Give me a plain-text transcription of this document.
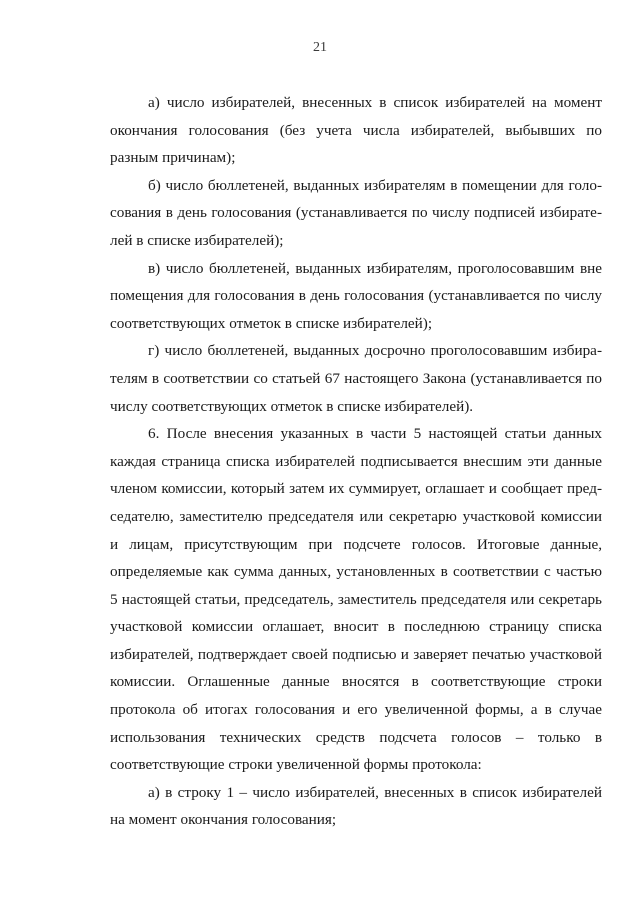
21

а) число избирателей, внесенных в список избирателей на момент окончания голосования (без учета числа избирателей, выбывших по разным причинам);

б) число бюллетеней, выданных избирателям в помещении для голосования в день голосования (устанавливается по числу подписей избирателей в списке избирателей);

в) число бюллетеней, выданных избирателям, проголосовавшим вне помещения для голосования в день голосования (устанавливается по числу соответствующих отметок в списке избирателей);

г) число бюллетеней, выданных досрочно проголосовавшим избирателям в соответствии со статьей 67 настоящего Закона (устанавливается по числу соответствующих отметок в списке избирателей).

6. После внесения указанных в части 5 настоящей статьи данных каждая страница списка избирателей подписывается внесшим эти данные членом комиссии, который затем их суммирует, оглашает и сообщает председателю, заместителю председателя или секретарю участковой комиссии и лицам, присутствующим при подсчете голосов. Итоговые данные, определяемые как сумма данных, установленных в соответствии с частью 5 настоящей статьи, председатель, заместитель председателя или секретарь участковой комиссии оглашает, вносит в последнюю страницу списка избирателей, подтверждает своей подписью и заверяет печатью участковой комиссии. Оглашенные данные вносятся в соответствующие строки протокола об итогах голосования и его увеличенной формы, а в случае использования технических средств подсчета голосов – только в соответствующие строки увеличенной формы протокола:

а) в строку 1 – число избирателей, внесенных в список избирателей на момент окончания голосования;
